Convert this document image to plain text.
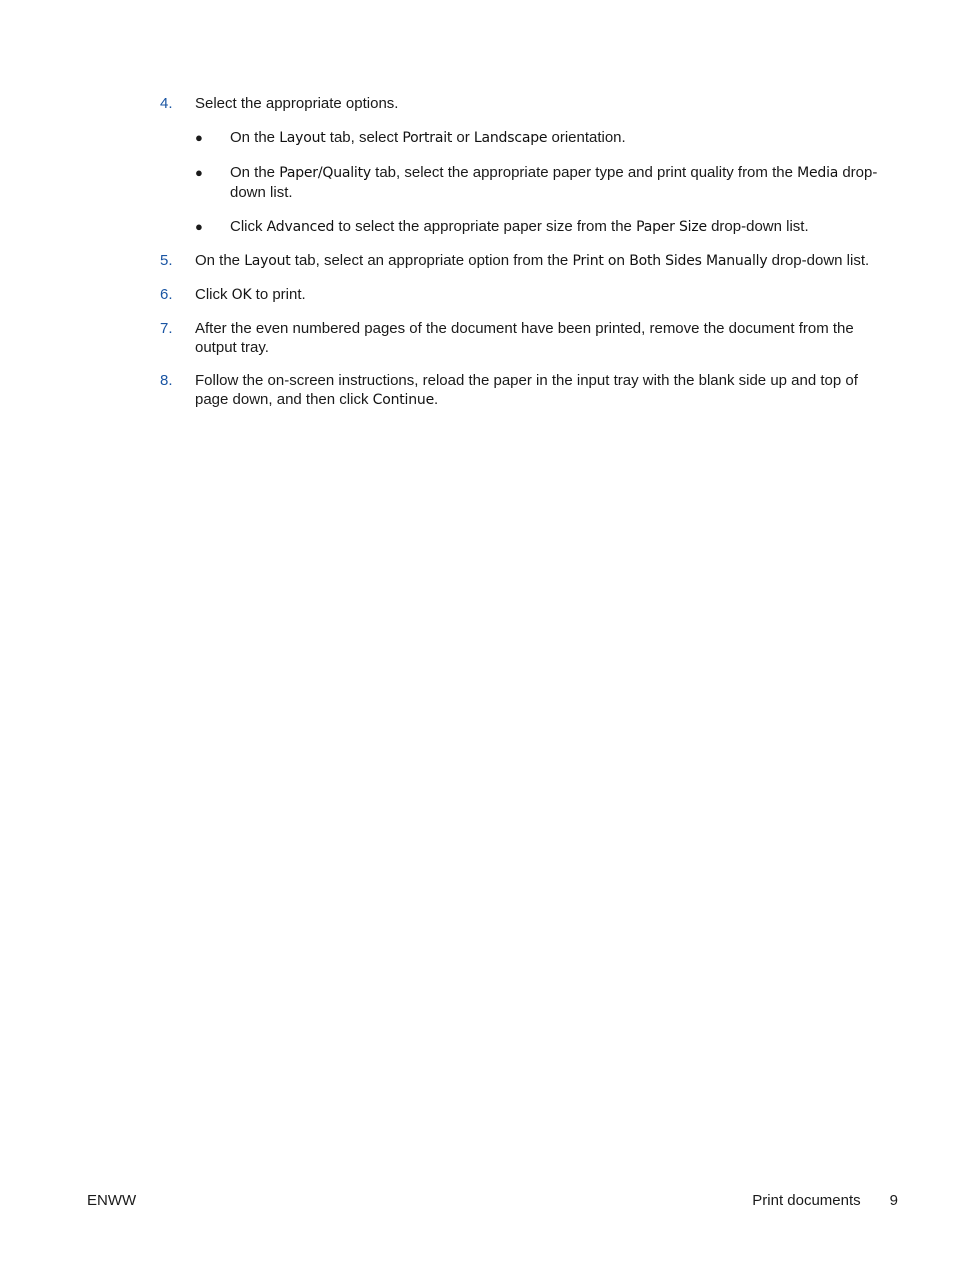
4.	Select the appropriate options.
●	On the Layout tab, select Portrait or Landscape orientation.
●	On the Paper/Quality tab, select the appropriate paper type and print quality from the Media drop-down list.
●	Click Advanced to select the appropriate paper size from the Paper Size drop-down list.
5.	On the Layout tab, select an appropriate option from the Print on Both Sides Manually drop-down list.
6.	Click OK to print.
7.	After the even numbered pages of the document have been printed, remove the document from the output tray.
8.	Follow the on-screen instructions, reload the paper in the input tray with the blank side up and top of page down, and then click Continue.
ENWW	Print documents 9
